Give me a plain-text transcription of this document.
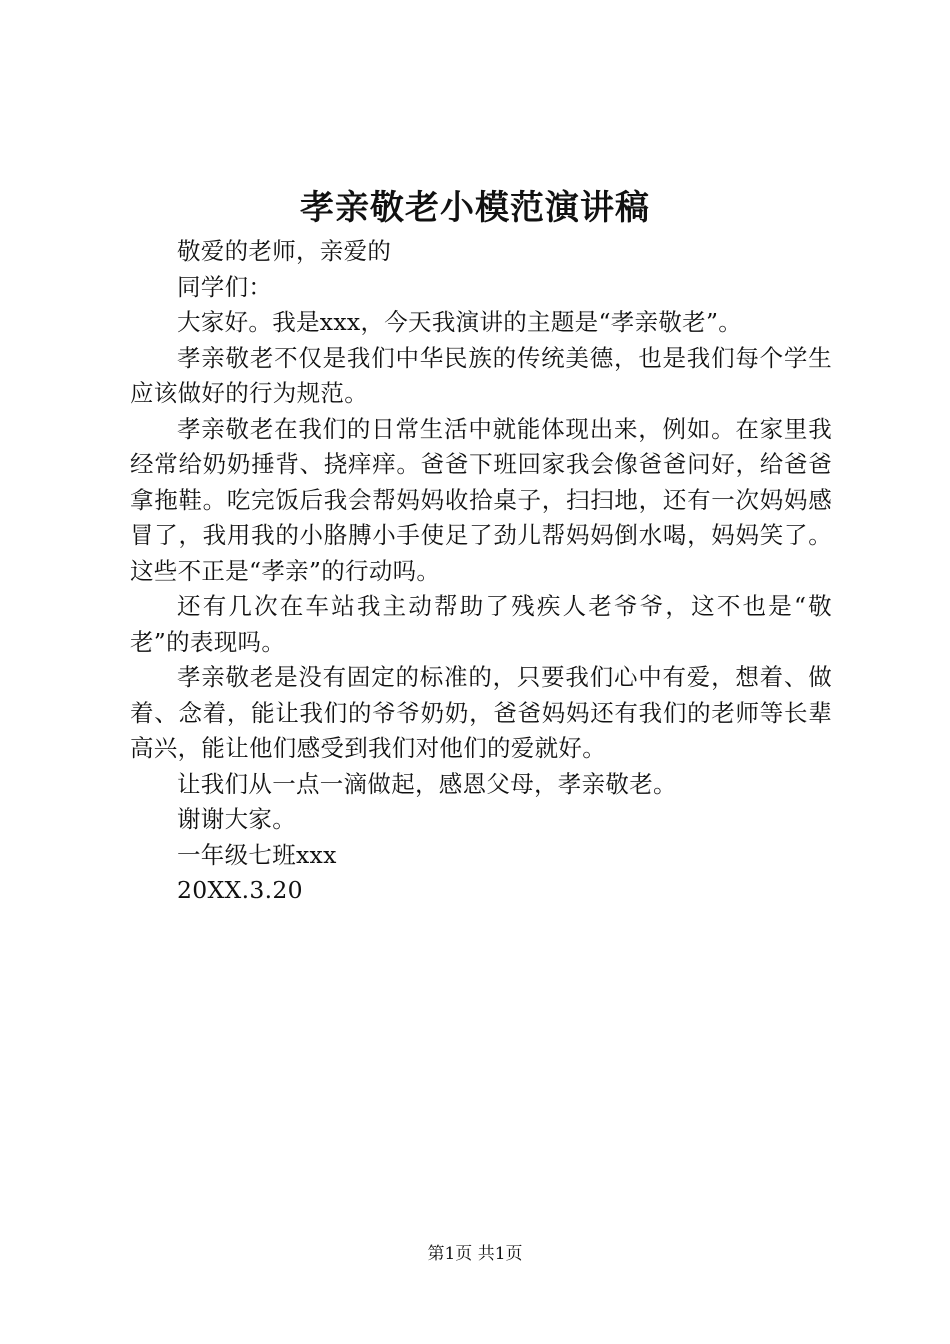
孝亲敬老小模范演讲稿

敬爱的老师，亲爱的

同学们：

大家好。我是xxx，今天我演讲的主题是“孝亲敬老”。

孝亲敬老不仅是我们中华民族的传统美德，也是我们每个学生应该做好的行为规范。

孝亲敬老在我们的日常生活中就能体现出来，例如。在家里我经常给奶奶捶背、挠痒痒。爸爸下班回家我会像爸爸问好，给爸爸拿拖鞋。吃完饭后我会帮妈妈收拾桌子，扫扫地，还有一次妈妈感冒了，我用我的小胳膊小手使足了劲儿帮妈妈倒水喝，妈妈笑了。这些不正是“孝亲”的行动吗。

还有几次在车站我主动帮助了残疾人老爷爷，这不也是“敬老”的表现吗。

孝亲敬老是没有固定的标准的，只要我们心中有爱，想着、做着、念着，能让我们的爷爷奶奶，爸爸妈妈还有我们的老师等长辈高兴，能让他们感受到我们对他们的爱就好。

让我们从一点一滴做起，感恩父母，孝亲敬老。

谢谢大家。

一年级七班xxx

20XX.3.20

第1页 共1页
